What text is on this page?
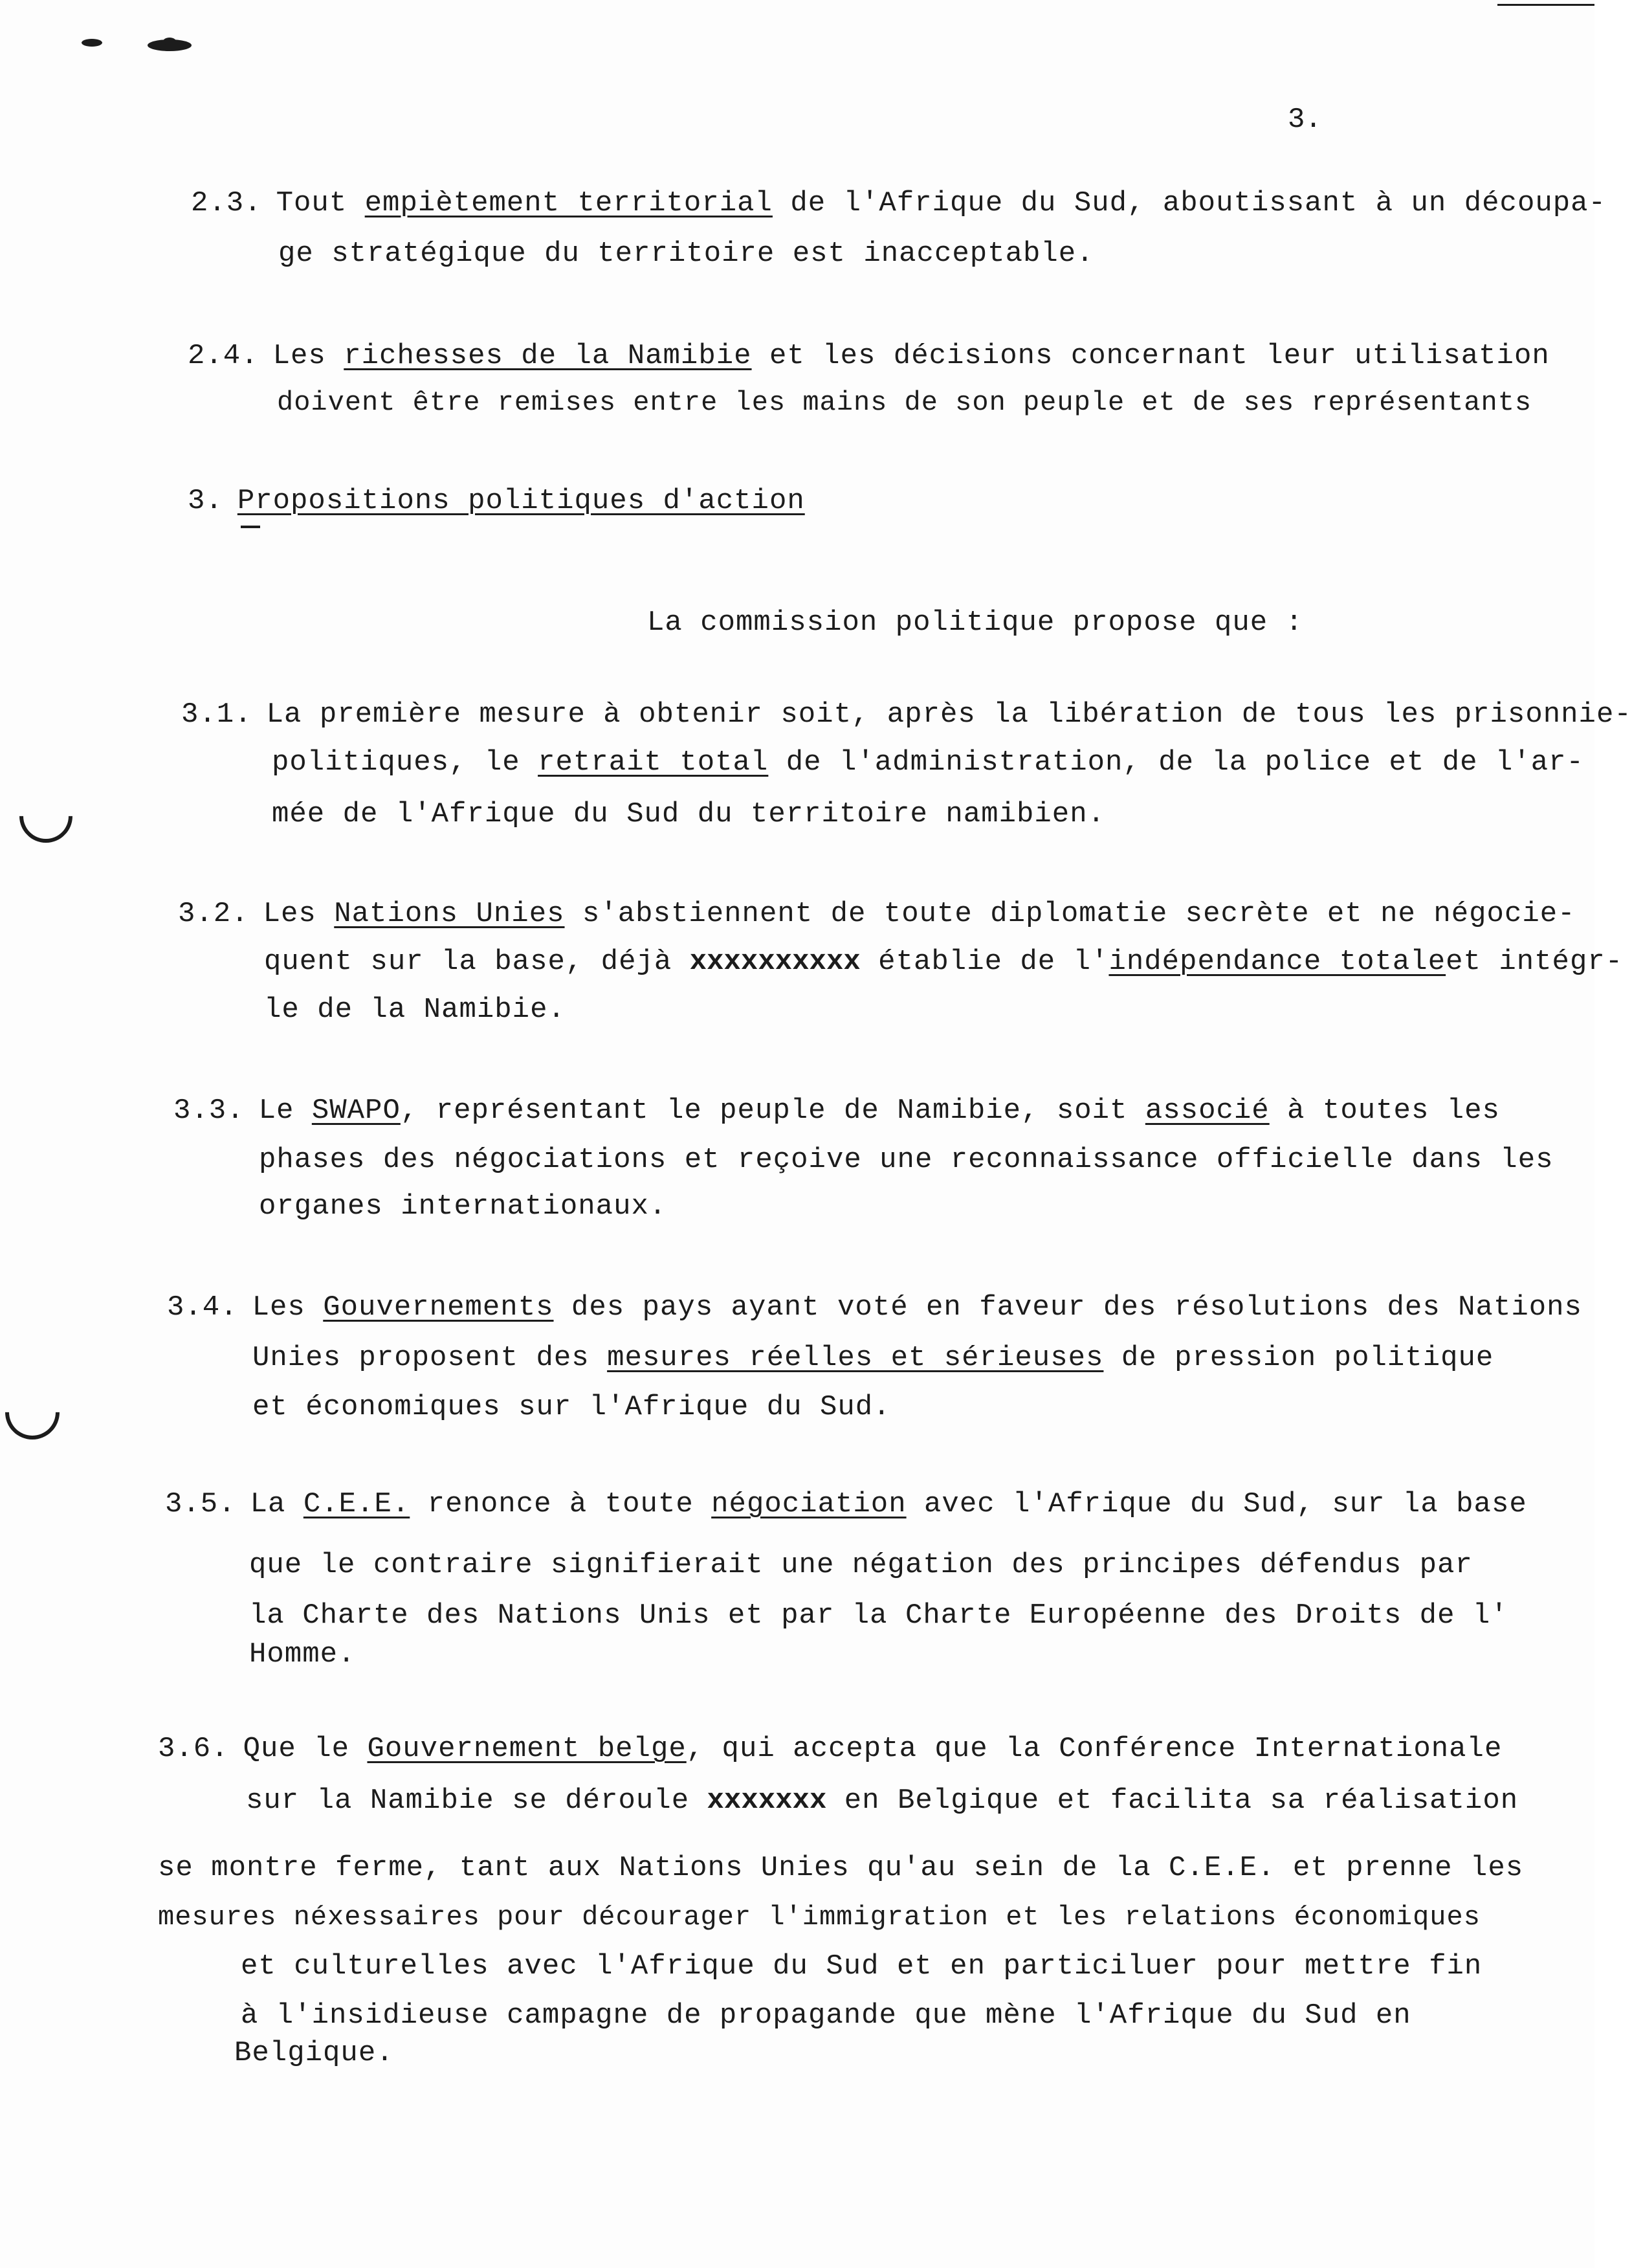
3.
2.3. Tout empiètement territorial de l'Afrique du Sud, aboutissant à un découpa-
ge stratégique du territoire est inacceptable.
2.4. Les richesses de la Namibie et les décisions concernant leur utilisation
doivent être remises entre les mains de son peuple et de ses représentants
3. Propositions politiques d'action
La commission politique propose que :
3.1. La première mesure à obtenir soit, après la libération de tous les prisonnie-
politiques, le retrait total de l'administration, de la police et de l'ar-
mée de l'Afrique du Sud du territoire namibien.
3.2. Les Nations Unies s'abstiennent de toute diplomatie secrète et ne négocie-
quent sur la base, déjà xxxxxxxxxx établie de l'indépendance totaleet intégr-
le de la Namibie.
3.3. Le SWAPO, représentant le peuple de Namibie, soit associé à toutes les
phases des négociations et reçoive une reconnaissance officielle dans les
organes internationaux.
3.4. Les Gouvernements des pays ayant voté en faveur des résolutions des Nations
Unies proposent des mesures réelles et sérieuses de pression politique
et économiques sur l'Afrique du Sud.
3.5. La C.E.E. renonce à toute négociation avec l'Afrique du Sud, sur la base
que le contraire signifierait une négation des principes défendus par
la Charte des Nations Unis et par la Charte Européenne des Droits de l'
Homme.
3.6. Que le Gouvernement belge, qui accepta que la Conférence Internationale
sur la Namibie se déroule xxxxxxx en Belgique et facilita sa réalisation
se montre ferme, tant aux Nations Unies qu'au sein de la C.E.E. et prenne les
mesures néxessaires pour décourager l'immigration et les relations économiques
et culturelles avec l'Afrique du Sud et en particiluer pour mettre fin
à l'insidieuse campagne de propagande que mène l'Afrique du Sud en
Belgique.
